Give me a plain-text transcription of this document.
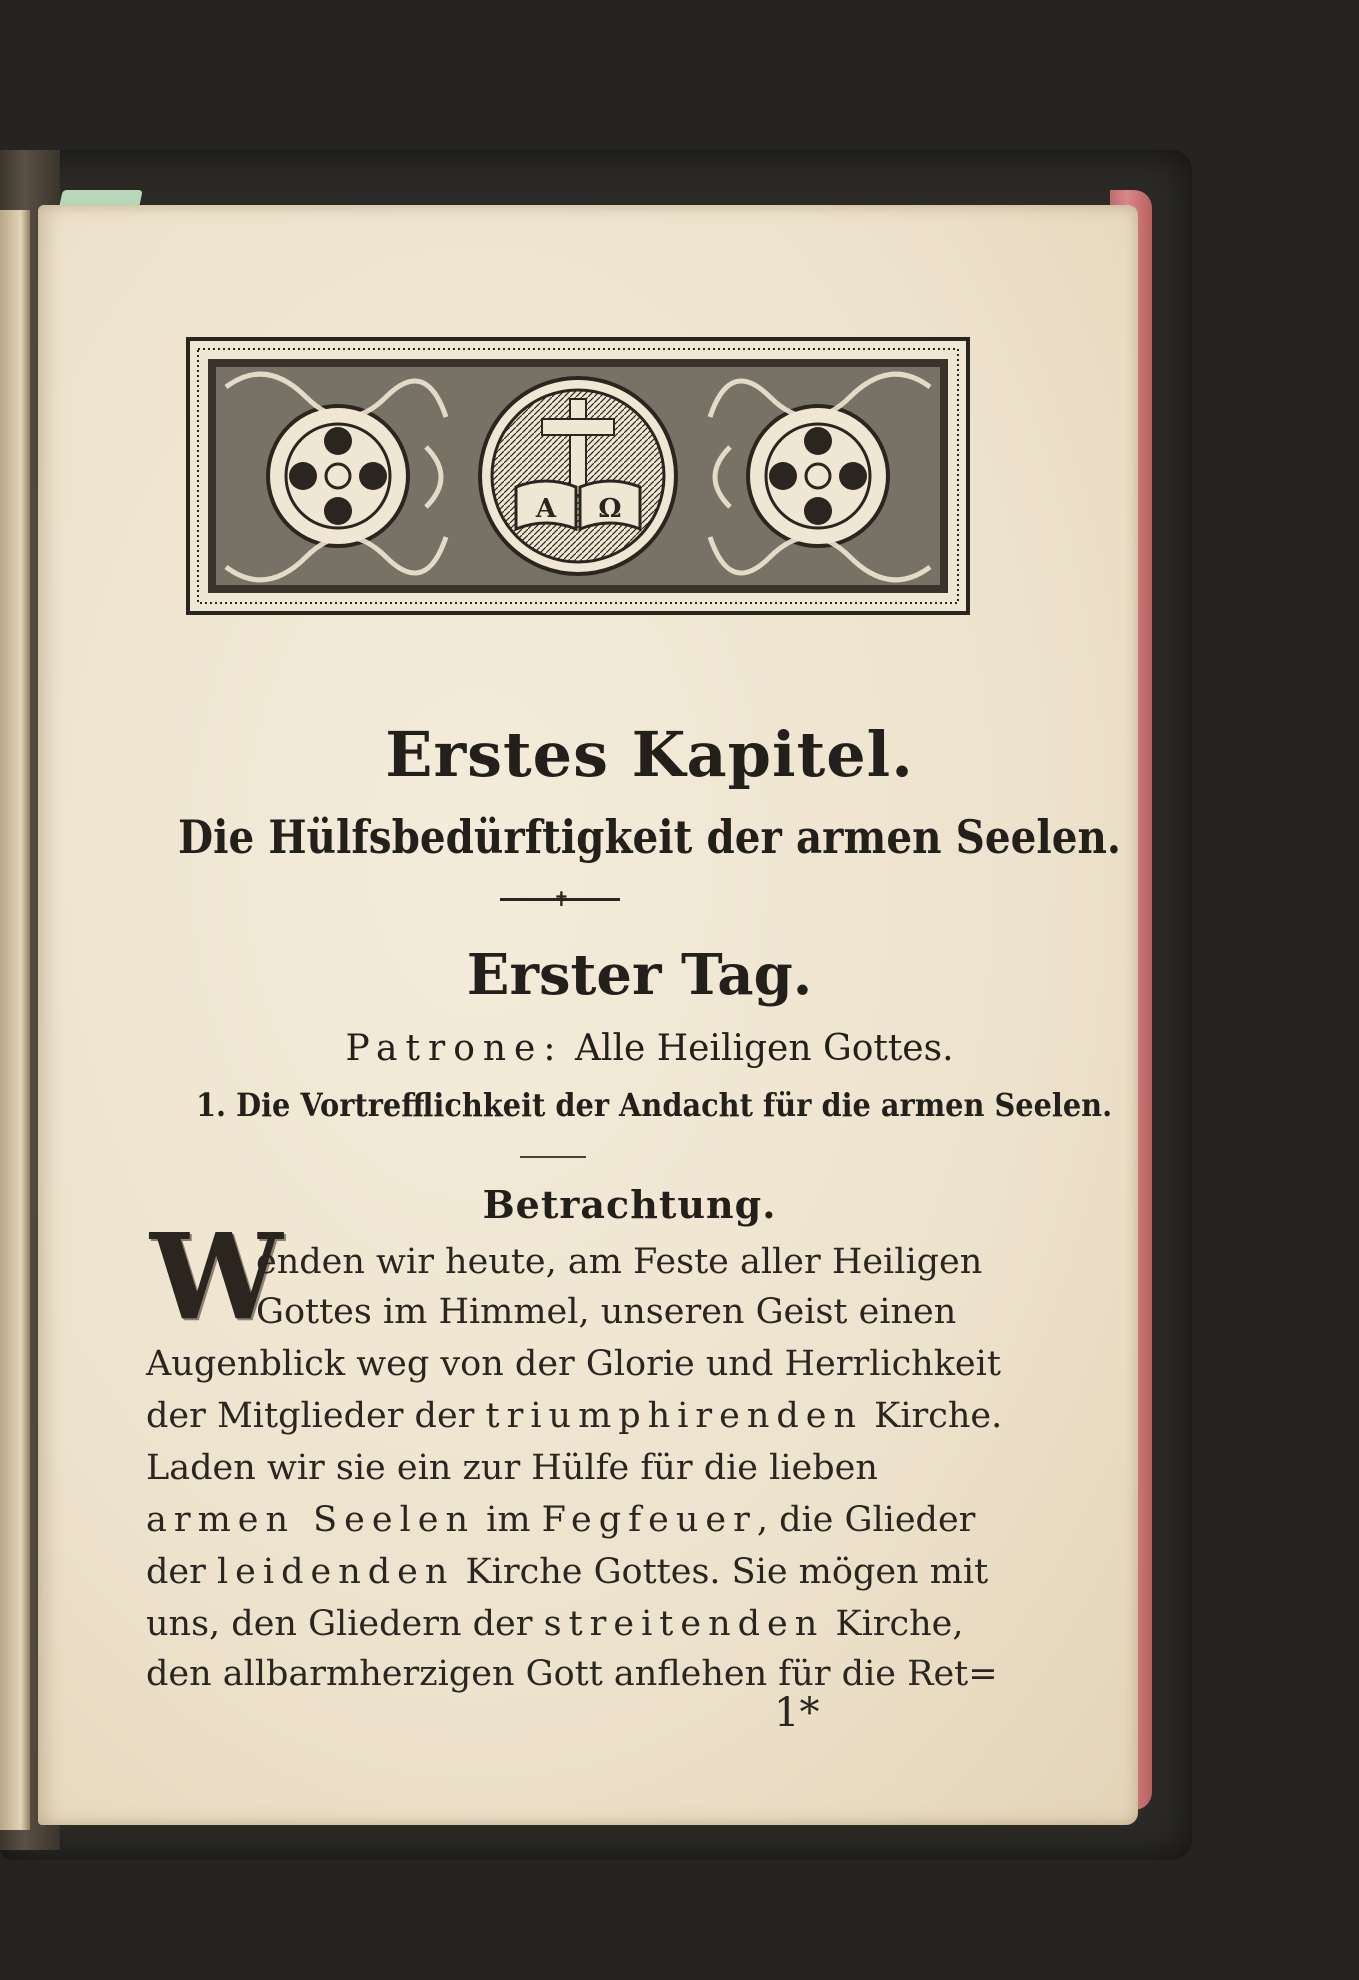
A Ω
Erstes Kapitel.
Die Hülfsbedürftigkeit der armen Seelen.
✝
Erster Tag.
Patrone: Alle Heiligen Gottes.
1. Die Vortrefflichkeit der Andacht für die armen Seelen.
Betrachtung.
W
enden wir heute, am Feste aller Heiligen
Gottes im Himmel, unseren Geist einen
Augenblick weg von der Glorie und Herrlichkeit
der Mitglieder der triumphirenden Kirche.
Laden wir sie ein zur Hülfe für die lieben
armen Seelen im Fegfeuer, die Glieder
der leidenden Kirche Gottes. Sie mögen mit
uns, den Gliedern der streitenden Kirche,
den allbarmherzigen Gott anflehen für die Ret=
1*
